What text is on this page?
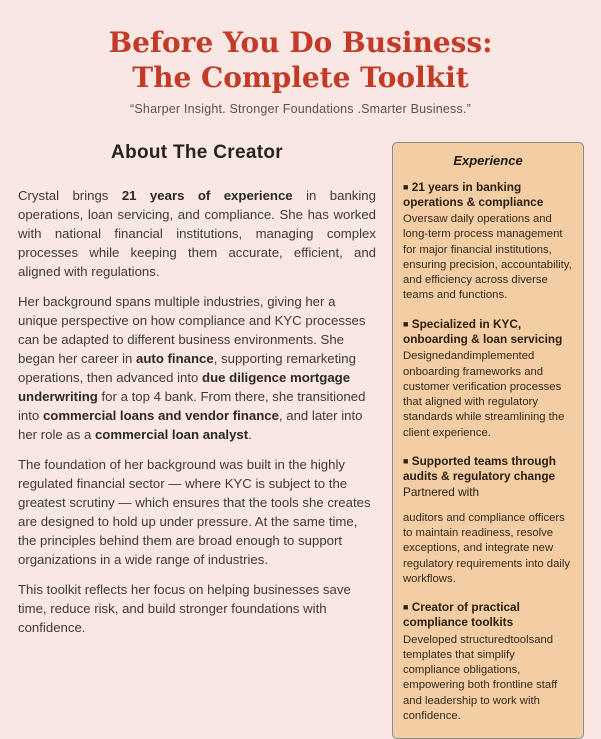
Before You Do Business:
The Complete Toolkit

“Sharper Insight. Stronger Foundations .Smarter Business.”

About The Creator

Crystal brings 21 years of experience in banking operations, loan servicing, and compliance. She has worked with national financial institutions, managing complex processes while keeping them accurate, efficient, and aligned with regulations.

Her background spans multiple industries, giving her a unique perspective on how compliance and KYC processes can be adapted to different business environments. She began her career in auto finance, supporting remarketing operations, then advanced into due diligence mortgage underwriting for a top 4 bank. From there, she transitioned into commercial loans and vendor finance, and later into her role as a commercial loan analyst.

The foundation of her background was built in the highly regulated financial sector — where KYC is subject to the greatest scrutiny — which ensures that the tools she creates are designed to hold up under pressure. At the same time, the principles behind them are broad enough to support organizations in a wide range of industries.

This toolkit reflects her focus on helping businesses save time, reduce risk, and build stronger foundations with confidence.

Experience

■ 21 years in banking operations & compliance

Oversaw daily operations and long-term process management for major financial institutions, ensuring precision, accountability, and efficiency across diverse teams and functions.

■ Specialized in KYC, onboarding & loan servicing

Designedandimplemented onboarding frameworks and customer verification processes that aligned with regulatory standards while streamlining the client experience.

■ Supported teams through audits & regulatory change Partnered with

auditors and compliance officers to maintain readiness, resolve exceptions, and integrate new regulatory requirements into daily workflows.

■ Creator of practical compliance toolkits

Developed structuredtoolsand templates that simplify compliance obligations, empowering both frontline staff and leadership to work with confidence.
